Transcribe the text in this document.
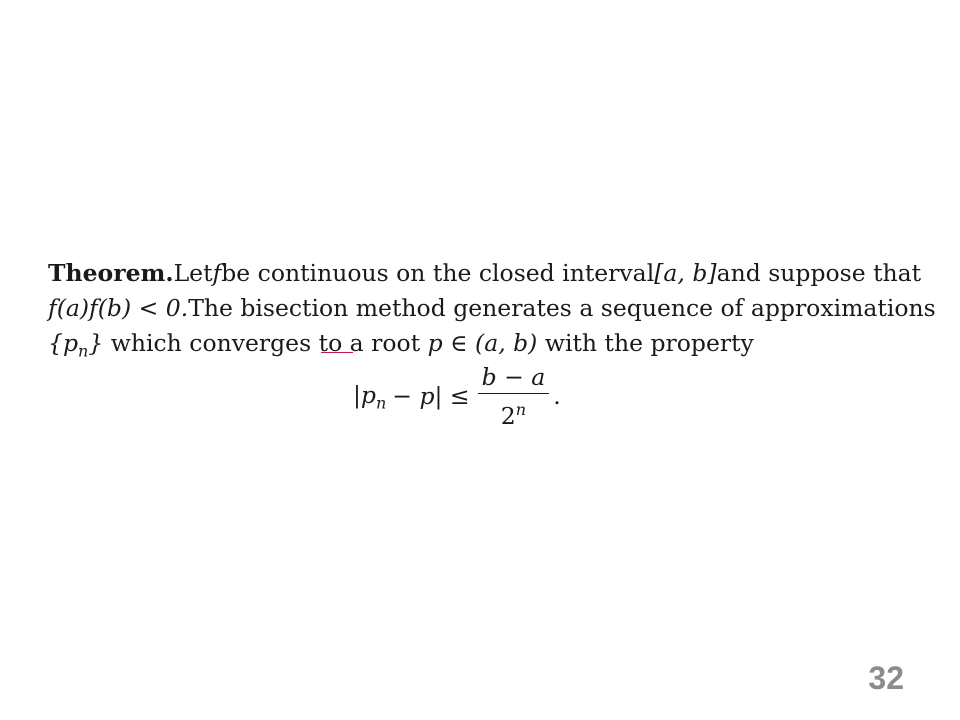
Theorem. Let f be continuous on the closed interval [a, b] and suppose that
f(a)f(b) < 0. The bisection method generates a sequence of approximations
$\{p_n\}$ which converges to a root p ∈ (a, b) with the property
$|p_n - p| \le \frac{b - a}{2^n}$ .
32
